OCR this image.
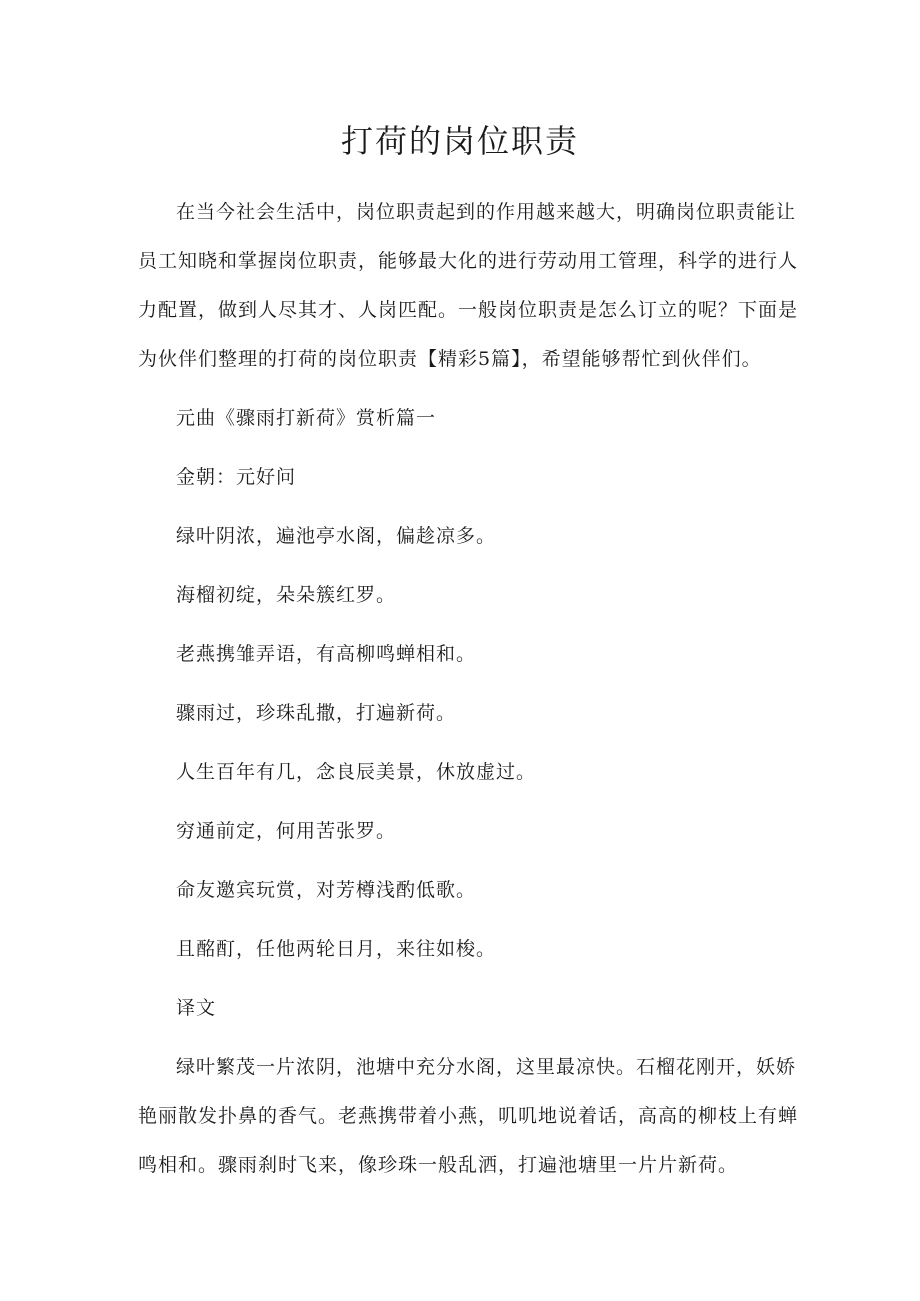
打荷的岗位职责

在当今社会生活中，岗位职责起到的作用越来越大，明确岗位职责能让员工知晓和掌握岗位职责，能够最大化的进行劳动用工管理，科学的进行人力配置，做到人尽其才、人岗匹配。一般岗位职责是怎么订立的呢？下面是为伙伴们整理的打荷的岗位职责【精彩5篇】，希望能够帮忙到伙伴们。

元曲《骤雨打新荷》赏析篇一

金朝：元好问

绿叶阴浓，遍池亭水阁，偏趁凉多。

海榴初绽，朵朵簇红罗。

老燕携雏弄语，有高柳鸣蝉相和。

骤雨过，珍珠乱撒，打遍新荷。

人生百年有几，念良辰美景，休放虚过。

穷通前定，何用苦张罗。

命友邀宾玩赏，对芳樽浅酌低歌。

且酩酊，任他两轮日月，来往如梭。

译文

绿叶繁茂一片浓阴，池塘中充分水阁，这里最凉快。石榴花刚开，妖娇艳丽散发扑鼻的香气。老燕携带着小燕，叽叽地说着话，高高的柳枝上有蝉鸣相和。骤雨刹时飞来，像珍珠一般乱洒，打遍池塘里一片片新荷。
